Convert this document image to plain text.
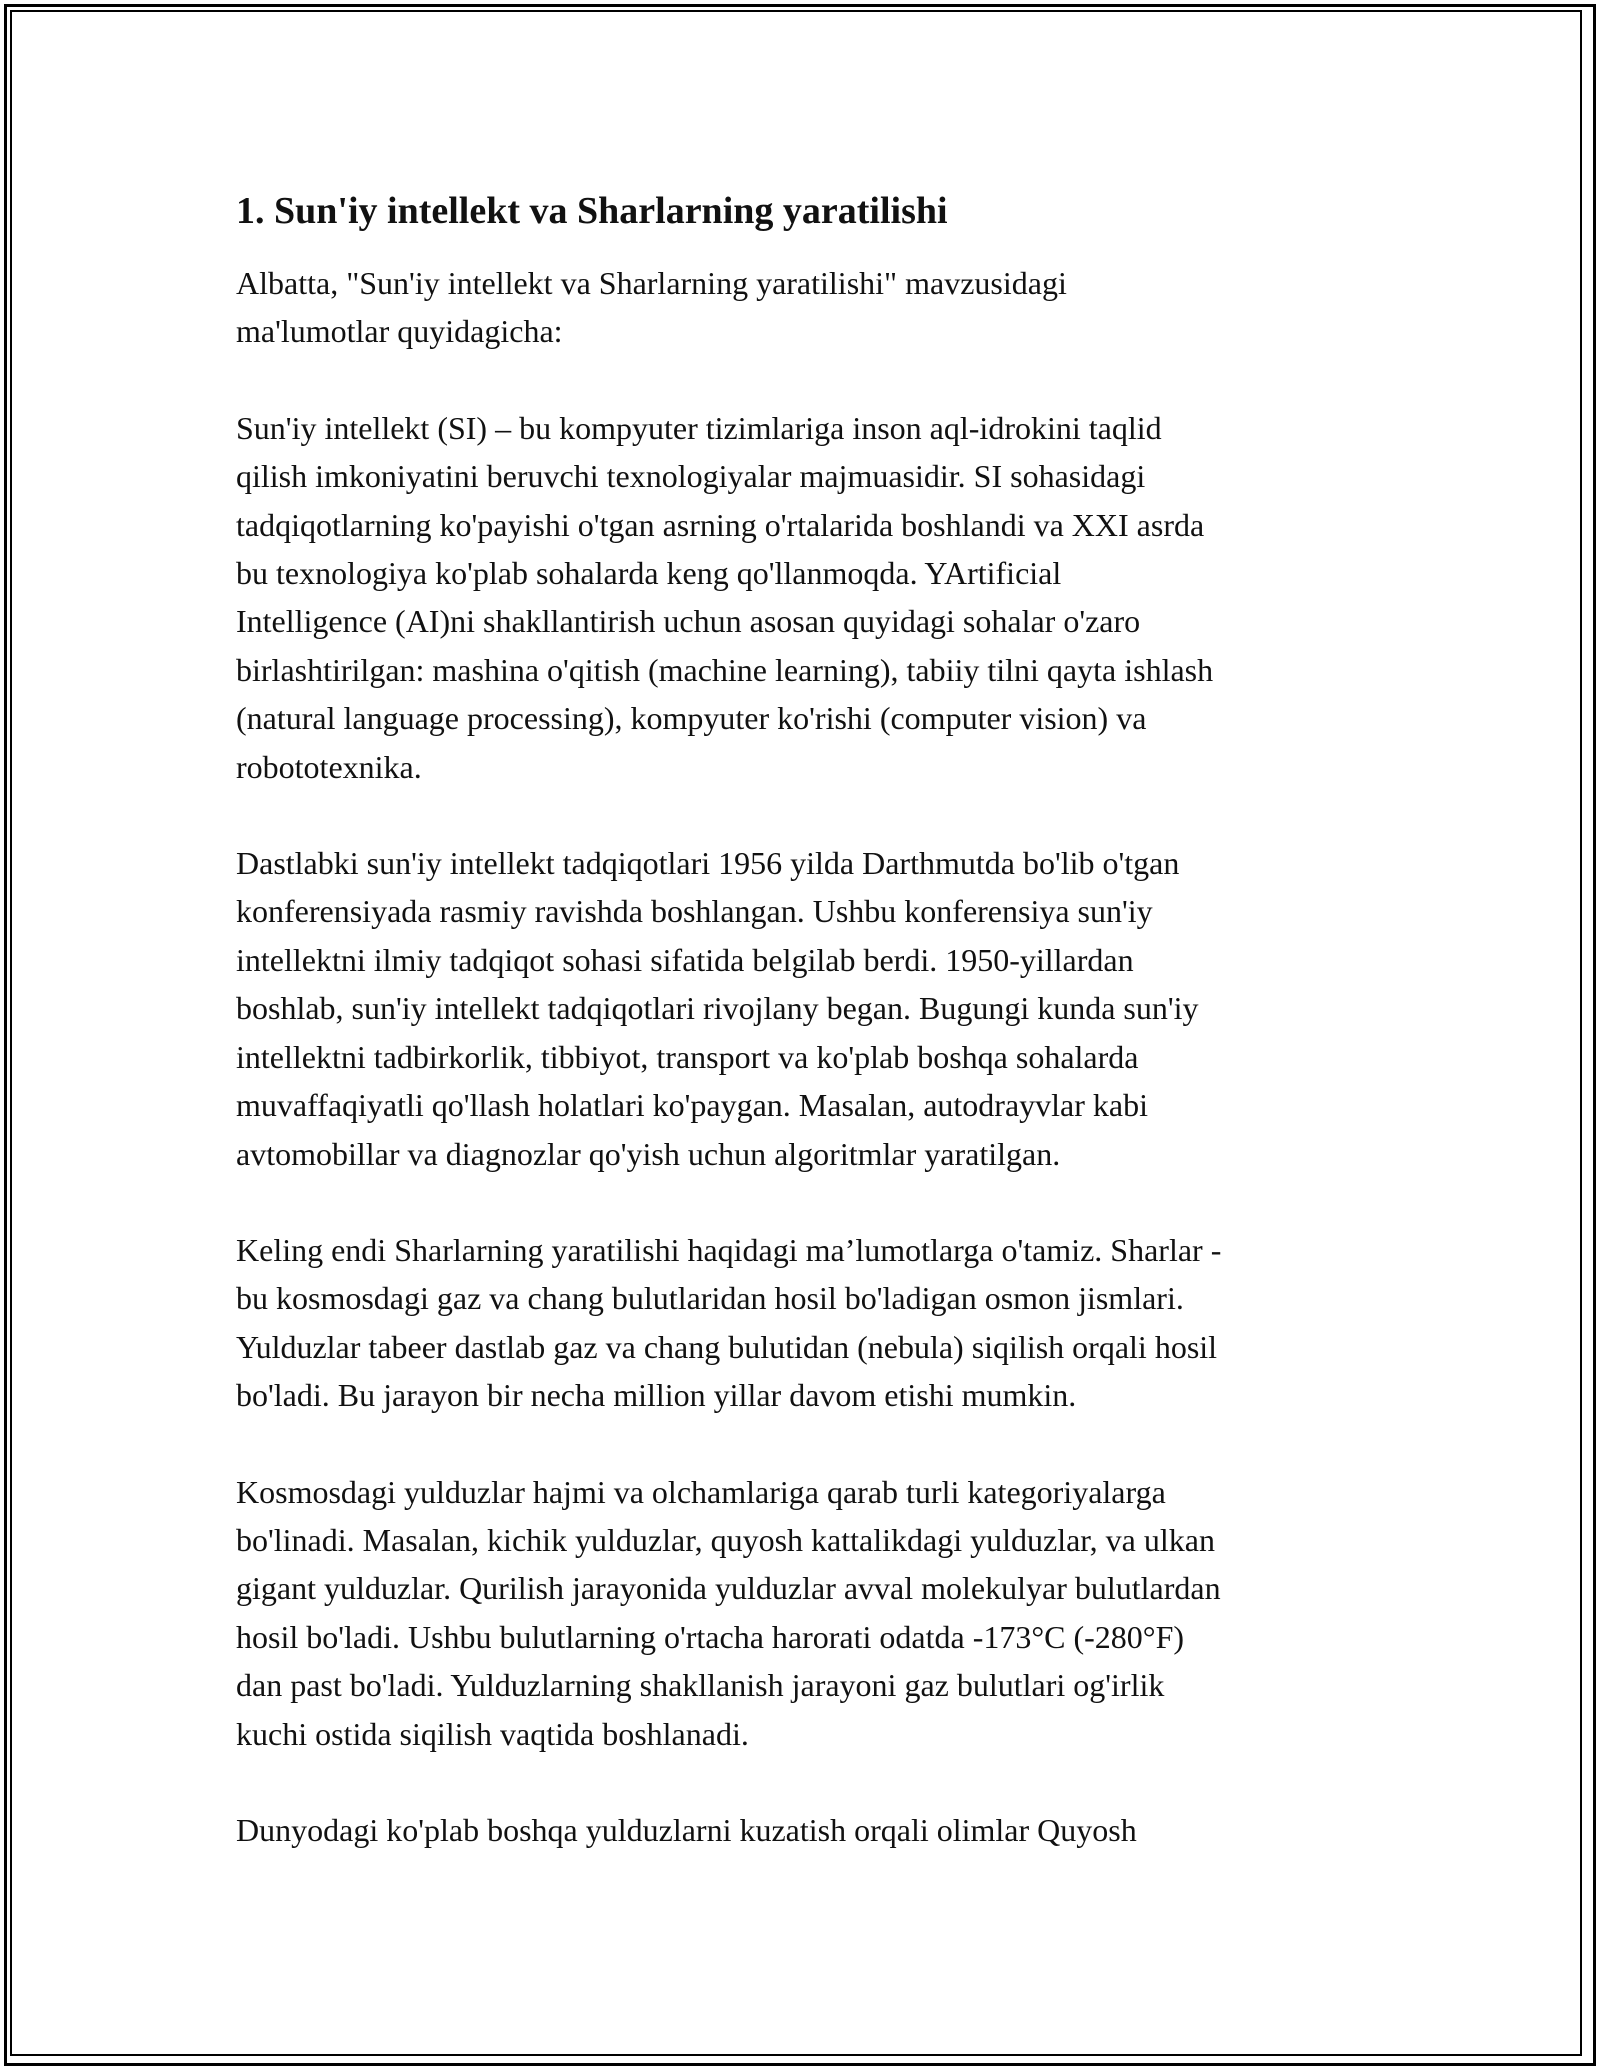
1. Sun'iy intellekt va Sharlarning yaratilishi
Albatta, "Sun'iy intellekt va Sharlarning yaratilishi" mavzusidagi
ma'lumotlar quyidagicha:
Sun'iy intellekt (SI) – bu kompyuter tizimlariga inson aql-idrokini taqlid
qilish imkoniyatini beruvchi texnologiyalar majmuasidir. SI sohasidagi
tadqiqotlarning ko'payishi o'tgan asrning o'rtalarida boshlandi va XXI asrda
bu texnologiya ko'plab sohalarda keng qo'llanmoqda. YArtificial
Intelligence (AI)ni shakllantirish uchun asosan quyidagi sohalar o'zaro
birlashtirilgan: mashina o'qitish (machine learning), tabiiy tilni qayta ishlash
(natural language processing), kompyuter ko'rishi (computer vision) va
robototexnika.
Dastlabki sun'iy intellekt tadqiqotlari 1956 yilda Darthmutda bo'lib o'tgan
konferensiyada rasmiy ravishda boshlangan. Ushbu konferensiya sun'iy
intellektni ilmiy tadqiqot sohasi sifatida belgilab berdi. 1950-yillardan
boshlab, sun'iy intellekt tadqiqotlari rivojlany began. Bugungi kunda sun'iy
intellektni tadbirkorlik, tibbiyot, transport va ko'plab boshqa sohalarda
muvaffaqiyatli qo'llash holatlari ko'paygan. Masalan, autodrayvlar kabi
avtomobillar va diagnozlar qo'yish uchun algoritmlar yaratilgan.
Keling endi Sharlarning yaratilishi haqidagi ma’lumotlarga o'tamiz. Sharlar -
bu kosmosdagi gaz va chang bulutlaridan hosil bo'ladigan osmon jismlari.
Yulduzlar tabeer dastlab gaz va chang bulutidan (nebula) siqilish orqali hosil
bo'ladi. Bu jarayon bir necha million yillar davom etishi mumkin.
Kosmosdagi yulduzlar hajmi va olchamlariga qarab turli kategoriyalarga
bo'linadi. Masalan, kichik yulduzlar, quyosh kattalikdagi yulduzlar, va ulkan
gigant yulduzlar. Qurilish jarayonida yulduzlar avval molekulyar bulutlardan
hosil bo'ladi. Ushbu bulutlarning o'rtacha harorati odatda -173°C (-280°F)
dan past bo'ladi. Yulduzlarning shakllanish jarayoni gaz bulutlari og'irlik
kuchi ostida siqilish vaqtida boshlanadi.
Dunyodagi ko'plab boshqa yulduzlarni kuzatish orqali olimlar Quyosh
